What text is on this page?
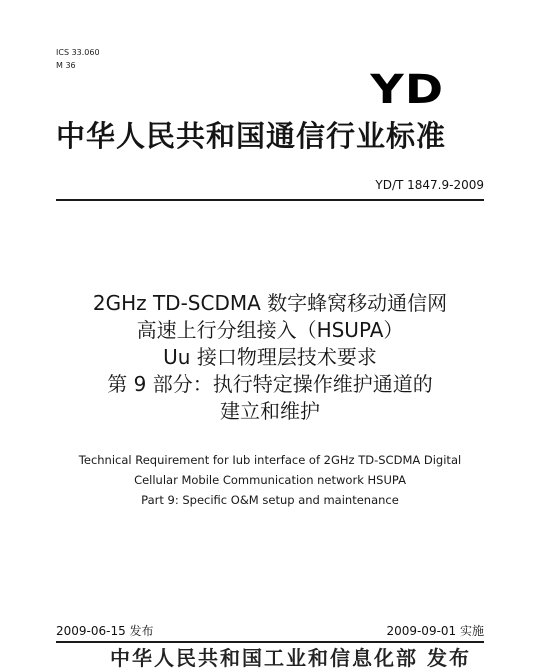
ICS 33.060
M 36
YD
中华人民共和国通信行业标准
YD/T 1847.9-2009
2GHz TD-SCDMA 数字蜂窝移动通信网
高速上行分组接入（HSUPA）
Uu 接口物理层技术要求
第 9 部分：执行特定操作维护通道的
建立和维护
Technical Requirement for Iub interface of 2GHz TD-SCDMA Digital
Cellular Mobile Communication network HSUPA
Part 9: Specific O&M setup and maintenance
2009-06-15 发布	2009-09-01 实施
中华人民共和国工业和信息化部 发布
